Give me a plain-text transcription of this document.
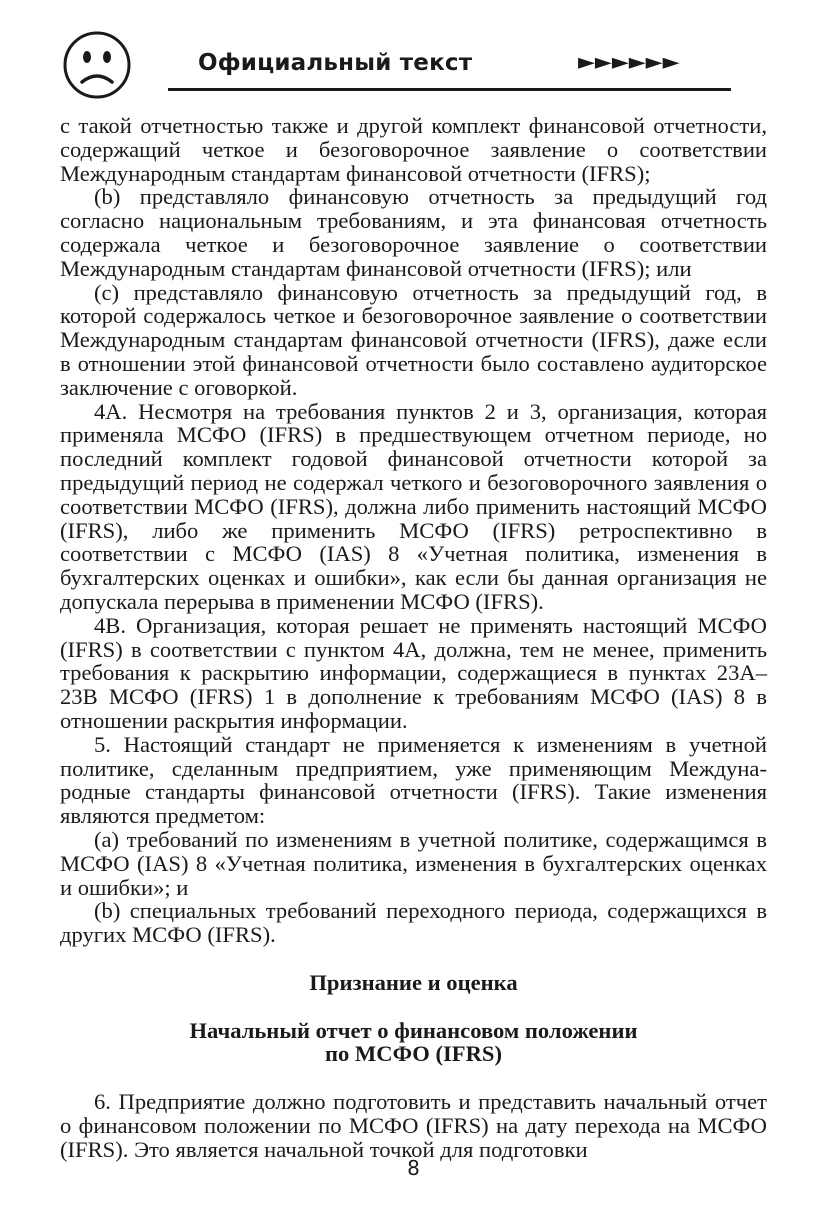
Официальный текст	►►►►►►

с такой отчетностью также и другой комплект финансовой отчетности, содержащий четкое и безоговорочное заявление о соответствии Международным стандартам финансовой отчетности (IFRS);

(b) представляло финансовую отчетность за предыдущий год согласно национальным требованиям, и эта финансовая отчетность содержала четкое и безоговорочное заявление о соответствии Международным стандартам финансовой отчетности (IFRS); или

(c) представляло финансовую отчетность за предыдущий год, в которой содержалось четкое и безоговорочное заявление о соответствии Международным стандартам финансовой отчетности (IFRS), даже если в отношении этой финансовой отчетности было составлено аудиторское заключение с оговоркой.

4А. Несмотря на требования пунктов 2 и 3, организация, которая применяла МСФО (IFRS) в предшествующем отчетном периоде, но последний комплект годовой финансовой отчетности которой за предыдущий период не содержал четкого и безоговорочного заявления о соответствии МСФО (IFRS), должна либо применить настоящий МСФО (IFRS), либо же применить МСФО (IFRS) ретроспективно в соответствии с МСФО (IAS) 8 «Учетная политика, изменения в бухгалтерских оценках и ошибки», как если бы данная организация не допускала перерыва в применении МСФО (IFRS).

4В. Организация, которая решает не применять настоящий МСФО (IFRS) в соответствии с пунктом 4А, должна, тем не менее, применить требования к раскрытию информации, содержащиеся в пунктах 23А–23В МСФО (IFRS) 1 в дополнение к требованиям МСФО (IAS) 8 в отношении раскрытия информации.

5. Настоящий стандарт не применяется к изменениям в учетной политике, сделанным предприятием, уже применяющим Международные стандарты финансовой отчетности (IFRS). Такие изменения являются предметом:

(a) требований по изменениям в учетной политике, содержащимся в МСФО (IAS) 8 «Учетная политика, изменения в бухгалтерских оценках и ошибки»; и

(b) специальных требований переходного периода, содержащихся в других МСФО (IFRS).

Признание и оценка

Начальный отчет о финансовом положении
по МСФО (IFRS)

6. Предприятие должно подготовить и представить начальный отчет о финансовом положении по МСФО (IFRS) на дату перехода на МСФО (IFRS). Это является начальной точкой для подготовки

8
